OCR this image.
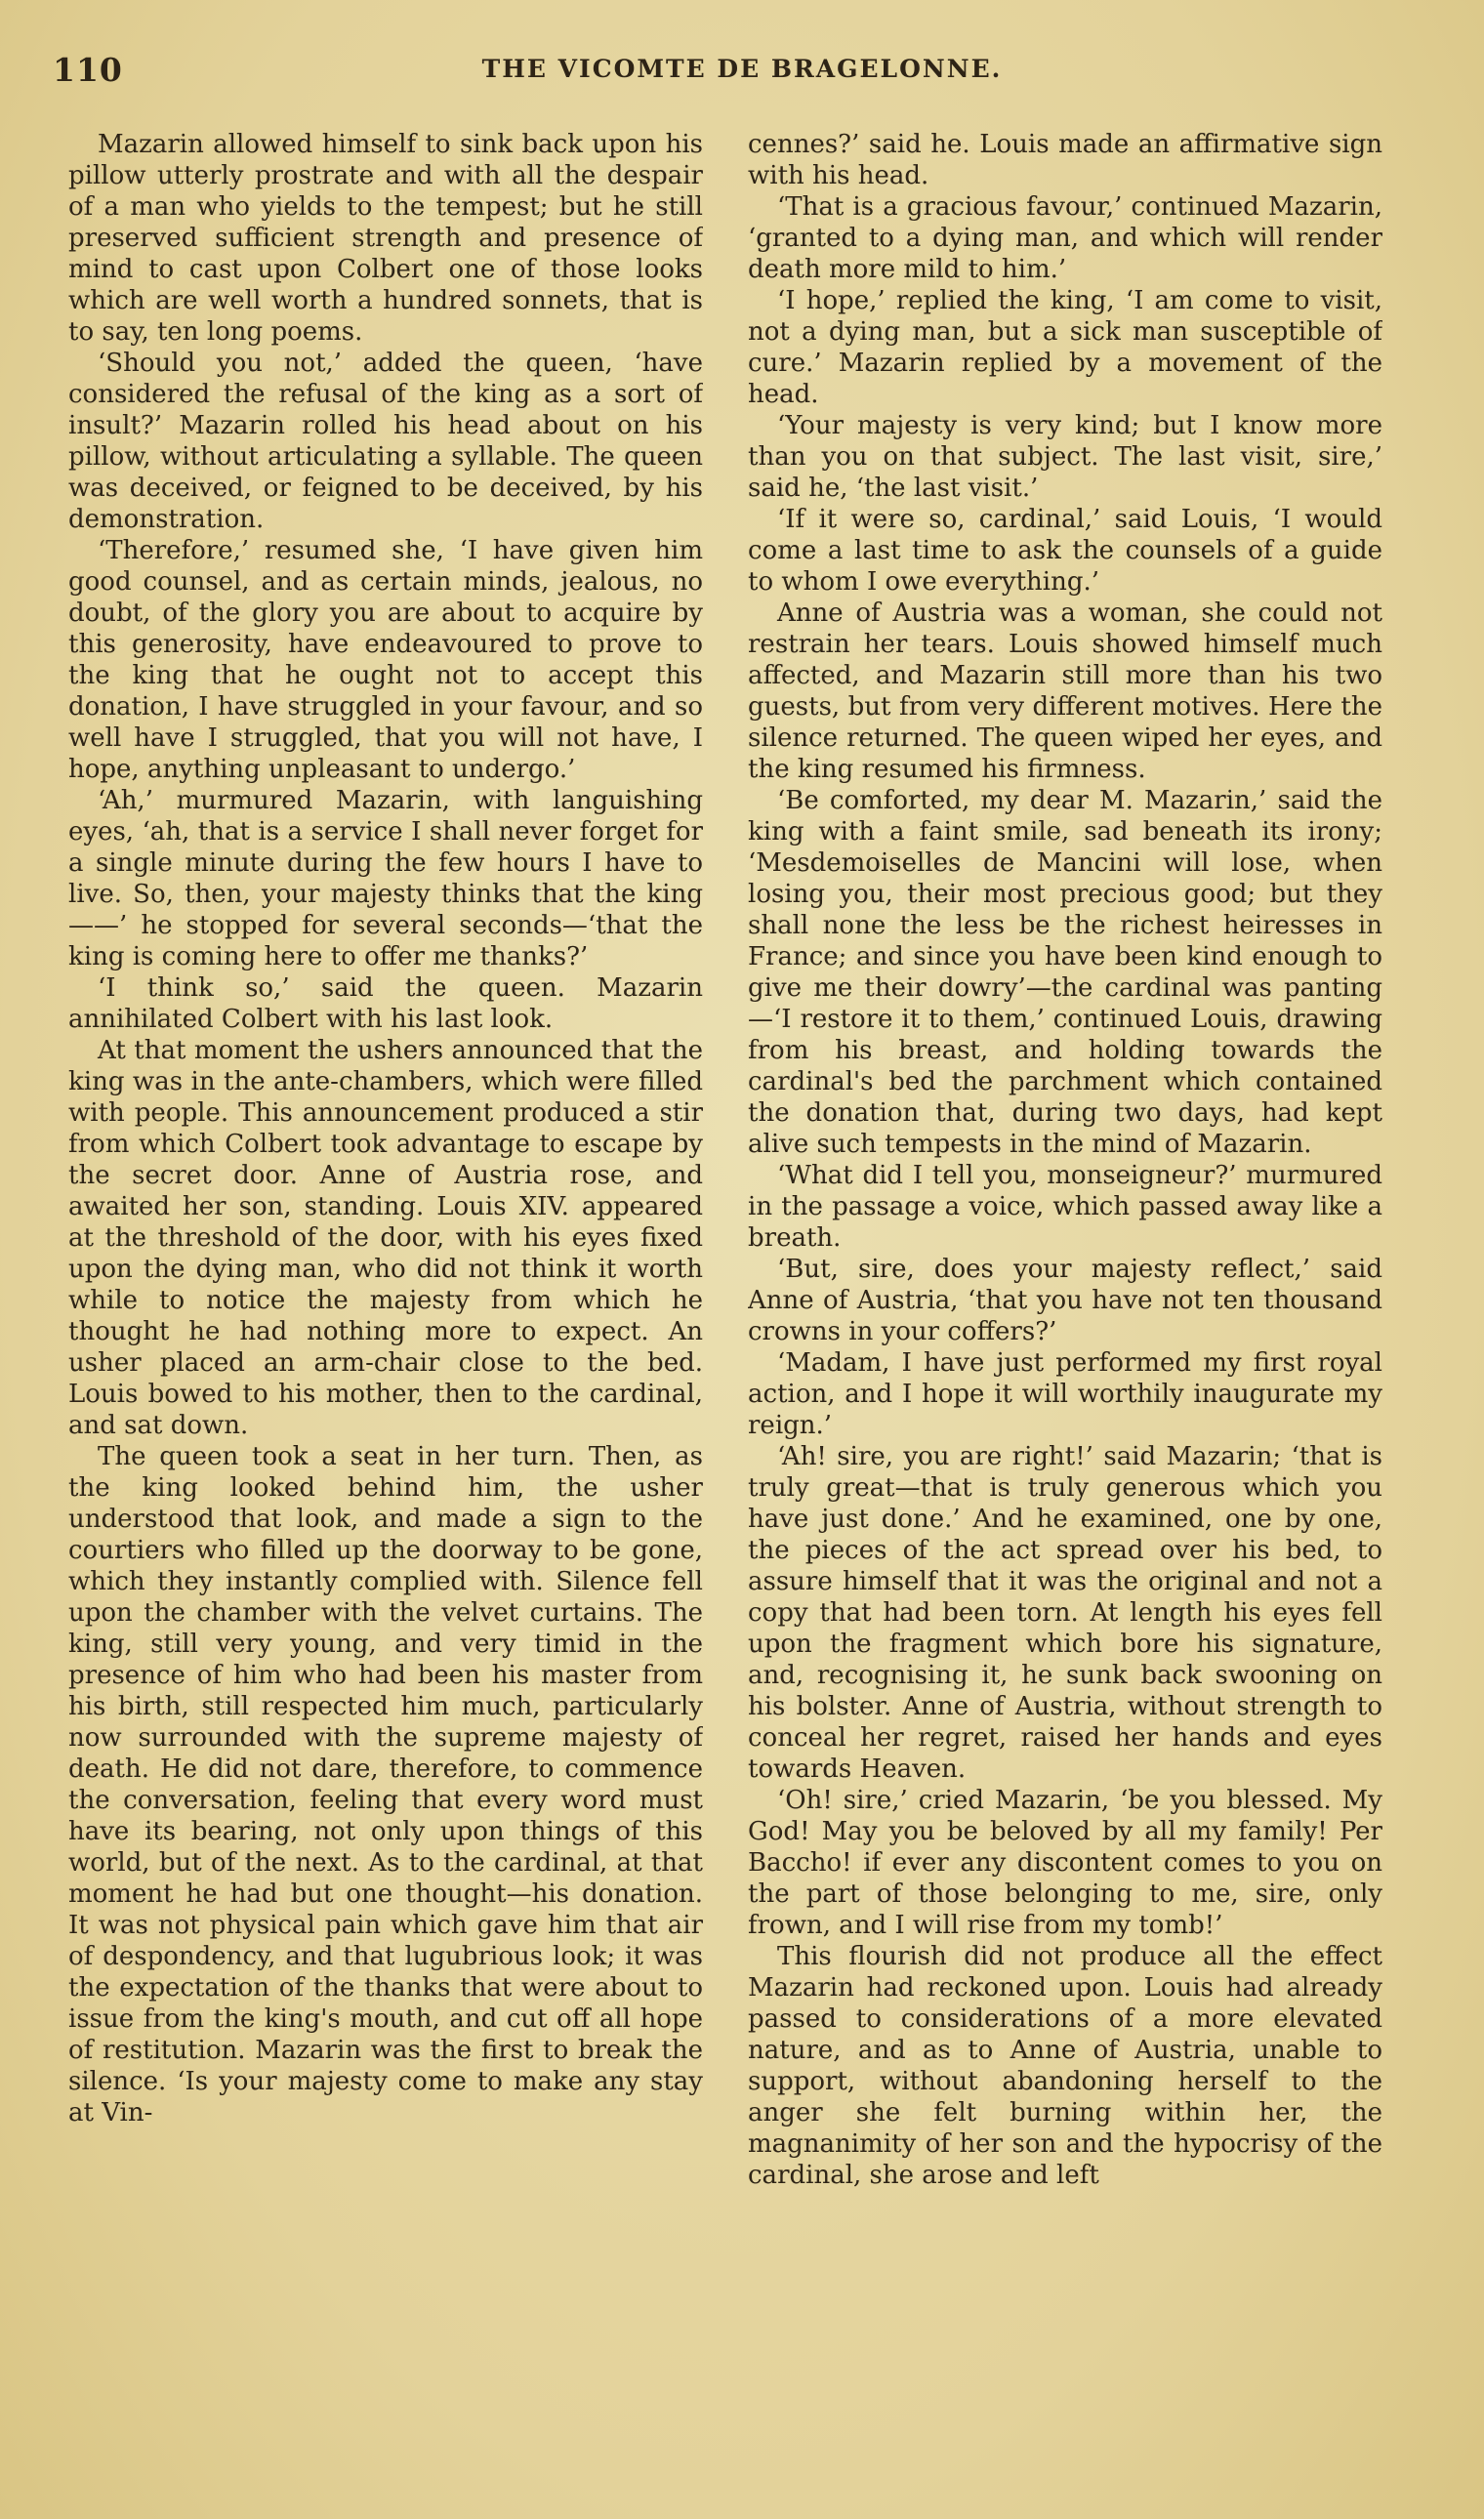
110	THE VICOMTE DE BRAGELONNE.

Mazarin allowed himself to sink back upon his pillow utterly prostrate and with all the despair of a man who yields to the tempest; but he still preserved sufficient strength and presence of mind to cast upon Colbert one of those looks which are well worth a hundred sonnets, that is to say, ten long poems.

‘Should you not,’ added the queen, ‘have considered the refusal of the king as a sort of insult?’ Mazarin rolled his head about on his pillow, without articulating a syllable. The queen was deceived, or feigned to be deceived, by his demonstration.

‘Therefore,’ resumed she, ‘I have given him good counsel, and as certain minds, jealous, no doubt, of the glory you are about to acquire by this generosity, have endeavoured to prove to the king that he ought not to accept this donation, I have struggled in your favour, and so well have I struggled, that you will not have, I hope, anything unpleasant to undergo.’

‘Ah,’ murmured Mazarin, with languishing eyes, ‘ah, that is a service I shall never forget for a single minute during the few hours I have to live. So, then, your majesty thinks that the king——’ he stopped for several seconds—‘that the king is coming here to offer me thanks?’

‘I think so,’ said the queen. Mazarin annihilated Colbert with his last look.

At that moment the ushers announced that the king was in the ante-chambers, which were filled with people. This announcement produced a stir from which Colbert took advantage to escape by the secret door. Anne of Austria rose, and awaited her son, standing. Louis XIV. appeared at the threshold of the door, with his eyes fixed upon the dying man, who did not think it worth while to notice the majesty from which he thought he had nothing more to expect. An usher placed an arm-chair close to the bed. Louis bowed to his mother, then to the cardinal, and sat down.

The queen took a seat in her turn. Then, as the king looked behind him, the usher understood that look, and made a sign to the courtiers who filled up the doorway to be gone, which they instantly complied with. Silence fell upon the chamber with the velvet curtains. The king, still very young, and very timid in the presence of him who had been his master from his birth, still respected him much, particularly now surrounded with the supreme majesty of death. He did not dare, therefore, to commence the conversation, feeling that every word must have its bearing, not only upon things of this world, but of the next. As to the cardinal, at that moment he had but one thought—his donation. It was not physical pain which gave him that air of despondency, and that lugubrious look; it was the expectation of the thanks that were about to issue from the king's mouth, and cut off all hope of restitution. Mazarin was the first to break the silence. ‘Is your majesty come to make any stay at Vin-

cennes?’ said he. Louis made an affirmative sign with his head.

‘That is a gracious favour,’ continued Mazarin, ‘granted to a dying man, and which will render death more mild to him.’

‘I hope,’ replied the king, ‘I am come to visit, not a dying man, but a sick man susceptible of cure.’ Mazarin replied by a movement of the head.

‘Your majesty is very kind; but I know more than you on that subject. The last visit, sire,’ said he, ‘the last visit.’

‘If it were so, cardinal,’ said Louis, ‘I would come a last time to ask the counsels of a guide to whom I owe everything.’

Anne of Austria was a woman, she could not restrain her tears. Louis showed himself much affected, and Mazarin still more than his two guests, but from very different motives. Here the silence returned. The queen wiped her eyes, and the king resumed his firmness.

‘Be comforted, my dear M. Mazarin,’ said the king with a faint smile, sad beneath its irony; ‘Mesdemoiselles de Mancini will lose, when losing you, their most precious good; but they shall none the less be the richest heiresses in France; and since you have been kind enough to give me their dowry’—the cardinal was panting—‘I restore it to them,’ continued Louis, drawing from his breast, and holding towards the cardinal's bed the parchment which contained the donation that, during two days, had kept alive such tempests in the mind of Mazarin.

‘What did I tell you, monseigneur?’ murmured in the passage a voice, which passed away like a breath.

‘But, sire, does your majesty reflect,’ said Anne of Austria, ‘that you have not ten thousand crowns in your coffers?’

‘Madam, I have just performed my first royal action, and I hope it will worthily inaugurate my reign.’

‘Ah! sire, you are right!’ said Mazarin; ‘that is truly great—that is truly generous which you have just done.’ And he examined, one by one, the pieces of the act spread over his bed, to assure himself that it was the original and not a copy that had been torn. At length his eyes fell upon the fragment which bore his signature, and, recognising it, he sunk back swooning on his bolster. Anne of Austria, without strength to conceal her regret, raised her hands and eyes towards Heaven.

‘Oh! sire,’ cried Mazarin, ‘be you blessed. My God! May you be beloved by all my family! Per Baccho! if ever any discontent comes to you on the part of those belonging to me, sire, only frown, and I will rise from my tomb!’

This flourish did not produce all the effect Mazarin had reckoned upon. Louis had already passed to considerations of a more elevated nature, and as to Anne of Austria, unable to support, without abandoning herself to the anger she felt burning within her, the magnanimity of her son and the hypocrisy of the cardinal, she arose and left
